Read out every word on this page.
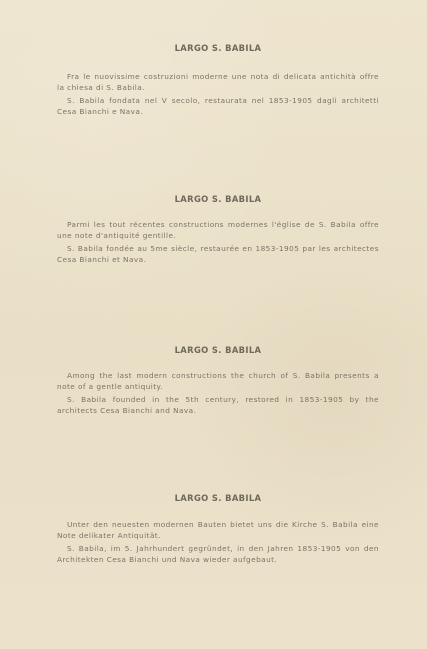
LARGO S. BABILA

Fra le nuovissime costruzioni moderne une nota di delicata antichità offre la chiesa di S. Babila.

S. Babila fondata nel V secolo, restaurata nel 1853-1905 dagli architetti Cesa Bianchi e Nava.

LARGO S. BABILA

Parmi les tout récentes constructions modernes l'église de S. Babila offre une note d'antiquité gentille.

S. Babila fondée au 5me siècle, restaurée en 1853-1905 par les architectes Cesa Bianchi et Nava.

LARGO S. BABILA

Among the last modern constructions the church of S. Babila presents a note of a gentle antiquity.

S. Babila founded in the 5th century, restored in 1853-1905 by the architects Cesa Bianchi and Nava.

LARGO S. BABILA

Unter den neuesten modernen Bauten bietet uns die Kirche S. Babila eine Note delikater Antiquität.

S. Babila, im 5. Jahrhundert gegründet, in den Jahren 1853-1905 von den Architekten Cesa Bianchi und Nava wieder aufgebaut.
